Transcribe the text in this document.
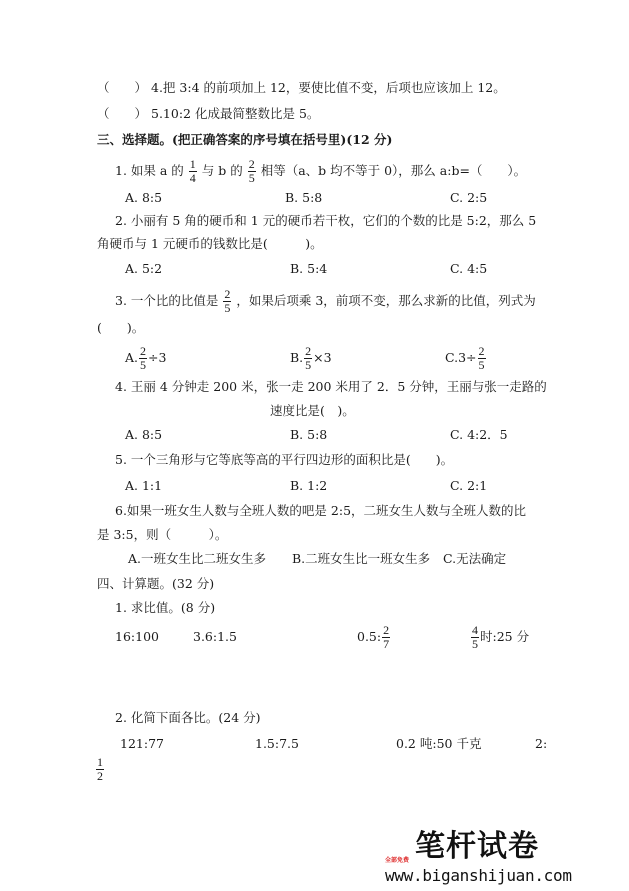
（　　） 4.把 3:4 的前项加上 12，要使比值不变，后项也应该加上 12。
（　　） 5.10:2 化成最简整数比是 5。
三、选择题。(把正确答案的序号填在括号里)(12 分)
1. 如果 a 的 $\frac{1}{4}$ 与 b 的 $\frac{2}{5}$ 相等（a、b 均不等于 0），那么 a:b=（　　）。
A. 8:5	B. 5:8	C. 2:5
2. 小丽有 5 角的硬币和 1 元的硬币若干枚，它们的个数的比是 5:2，那么 5
角硬币与 1 元硬币的钱数比是(　　　)。
A. 5:2	B. 5:4	C. 4:5
3. 一个比的比值是 $\frac{2}{5}$ ，如果后项乘 3，前项不变，那么求新的比值，列式为
(　　)。
A. $\frac{2}{5} \div 3$	B. $\frac{2}{5} \times 3$	$C.3\div \frac{2}{5}$
4. 王丽 4 分钟走 200 米，张一走 200 米用了 2．5 分钟，王丽与张一走路的
速度比是(　)。
A. 8:5	B. 5:8	C. 4:2．5
5. 一个三角形与它等底等高的平行四边形的面积比是(　　)。
A. 1:1	B. 1:2	C. 2:1
6.如果一班女生人数与全班人数的吧是 2:5，二班女生人数与全班人数的比
是 3:5，则（　　　）。
A.一班女生比二班女生多 B.二班女生比一班女生多 C.无法确定
四、计算题。(32 分)
1. 求比值。(8 分)
16:100	3.6:1.5	0.5: $\frac{2}{7}$	$\frac{4}{5}$ 时:25 分
2. 化简下面各比。(24 分)
121:77	1.5:7.5	0.2 吨:50 千克	2:
$\frac{1}{2}$
笔杆试卷
全部免费
www.biganshijuan.com
